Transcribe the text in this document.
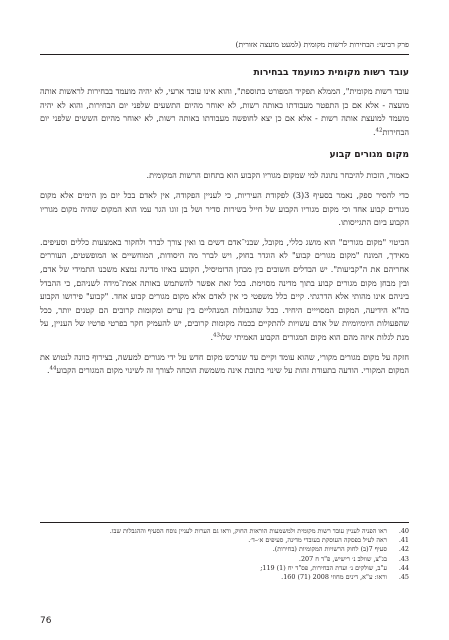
פרק רביעי: הבחירות לרשות מקומית (למעט מועצה אזורית)
עובד רשות מקומית כמועמד בבחירות

עובד רשות מקומית", הממלא תפקיד המפורט בתוספת", והוא אינו עובד ארעי, לא יהיה מועמד בבחירות לראשות אותה מועצה - אלא אם כן התפטר מעבודתו באותה רשות, לא יאוחר מהיום התשעים שלפני יום הבחירות, והוא לא יהיה מועמד למועצת אותה רשות - אלא אם כן יצא לחופשה מעבודתו באותה רשות, לא יאוחר מהיום הששים שלפני יום הבחירות$^{42}$.

מקום מגורים קבוע

כאמור, הזכות להיבחר נתונה למי שמקום מגוריו הקבוע הוא בתחום הרשות המקומית.

כדי להסיר ספק, נאמר בסעיף 3(3) לפקודת העיריות, כי לעניין הפקודה, אין לאדם בכל יום מן הימים אלא מקום מגורים קבוע אחד וכי מקום מגוריו הקבוע של חייל בשירות סדיר ושל בן זוגו הגר עמו הוא המקום שהיה מקום מגוריו הקבוע ביום התגייסותו.

הביטוי "מקום מגורים" הוא מושג כללי, מקובל, שבני־אדם דשים בו ואין צורך לברר ולחקור באמצעות כללים וסעיפים. מאידך, המונח "מקום מגורים קבוע" לא הוגדר בחוק, ויש לברר מה היסודות, המוחשיים או המופשטים, העוררים אחריהם את ה"קביעות". יש הבדלים חשובים בין מבחן הדומיסיל, הקובע באיזו מדינה נמצא משכנו התמידי של אדם, ובין מבחן מקום מגורים קבוע בתוך מדינה מסוימת. בכל זאת אפשר להשתמש באותה אמת־מידה לשניהם, כי ההבדל ביניהם אינו מהותי אלא הדרגתי. קיים כלל משפטי כי אין לאדם אלא מקום מגורים קבוע אחד. "קבוע" פירושו הקבוע בה"א הידיעה, המקום המסוייים היחיד. ככל שהגבולות המנהליים בין ערים ומקומות קרובים הם קטנים יותר, ככל שהפעולות היומיומיות של אדם עשויות להתקיים בכמה מקומות קרובים, יש להעמיק חקר בפרטי פרטיו של העניין, על מנת לגלות איזה מהם הוא מקום המגורים הקבוע האמיתי שלו$^{43}$.

חזקה על מקום מגורים מקורי, שהוא עומד וקיים עד שנרכש מקום חדש על ידי מגורים למעשה, בצירוף כוונה לנטוש את המקום המקורי. הודעה בתעודת זהות על שינוי כתובת אינה משמשת הוכחה לצורך זה לשינוי מקום המגורים הקבוע$^{44}$.

40.
ראו הפניה לעניין עובד רשות מקומית ולמשמעות הוראות החוק, וראו גם הערות לעניין נוסח הסעיף וההגבלות שבו.
41.
ראה לעיל בפסקה העוסקת בעובדי מדינה, סעיפים א׳–ד׳.
42.
סעיף 7(ב) לחוק הרשויות המקומיות (בחירות).
43.
בג"צ, שוולב נ׳ רישיש, פ"ד ח 207.
44.
ע"ב, שולקים נ׳ ועדת הבחירות, פס"ד יח (1) 119;
45.
וראו: ע"א, דינים מחוזי 2008 (71) 160.
76
